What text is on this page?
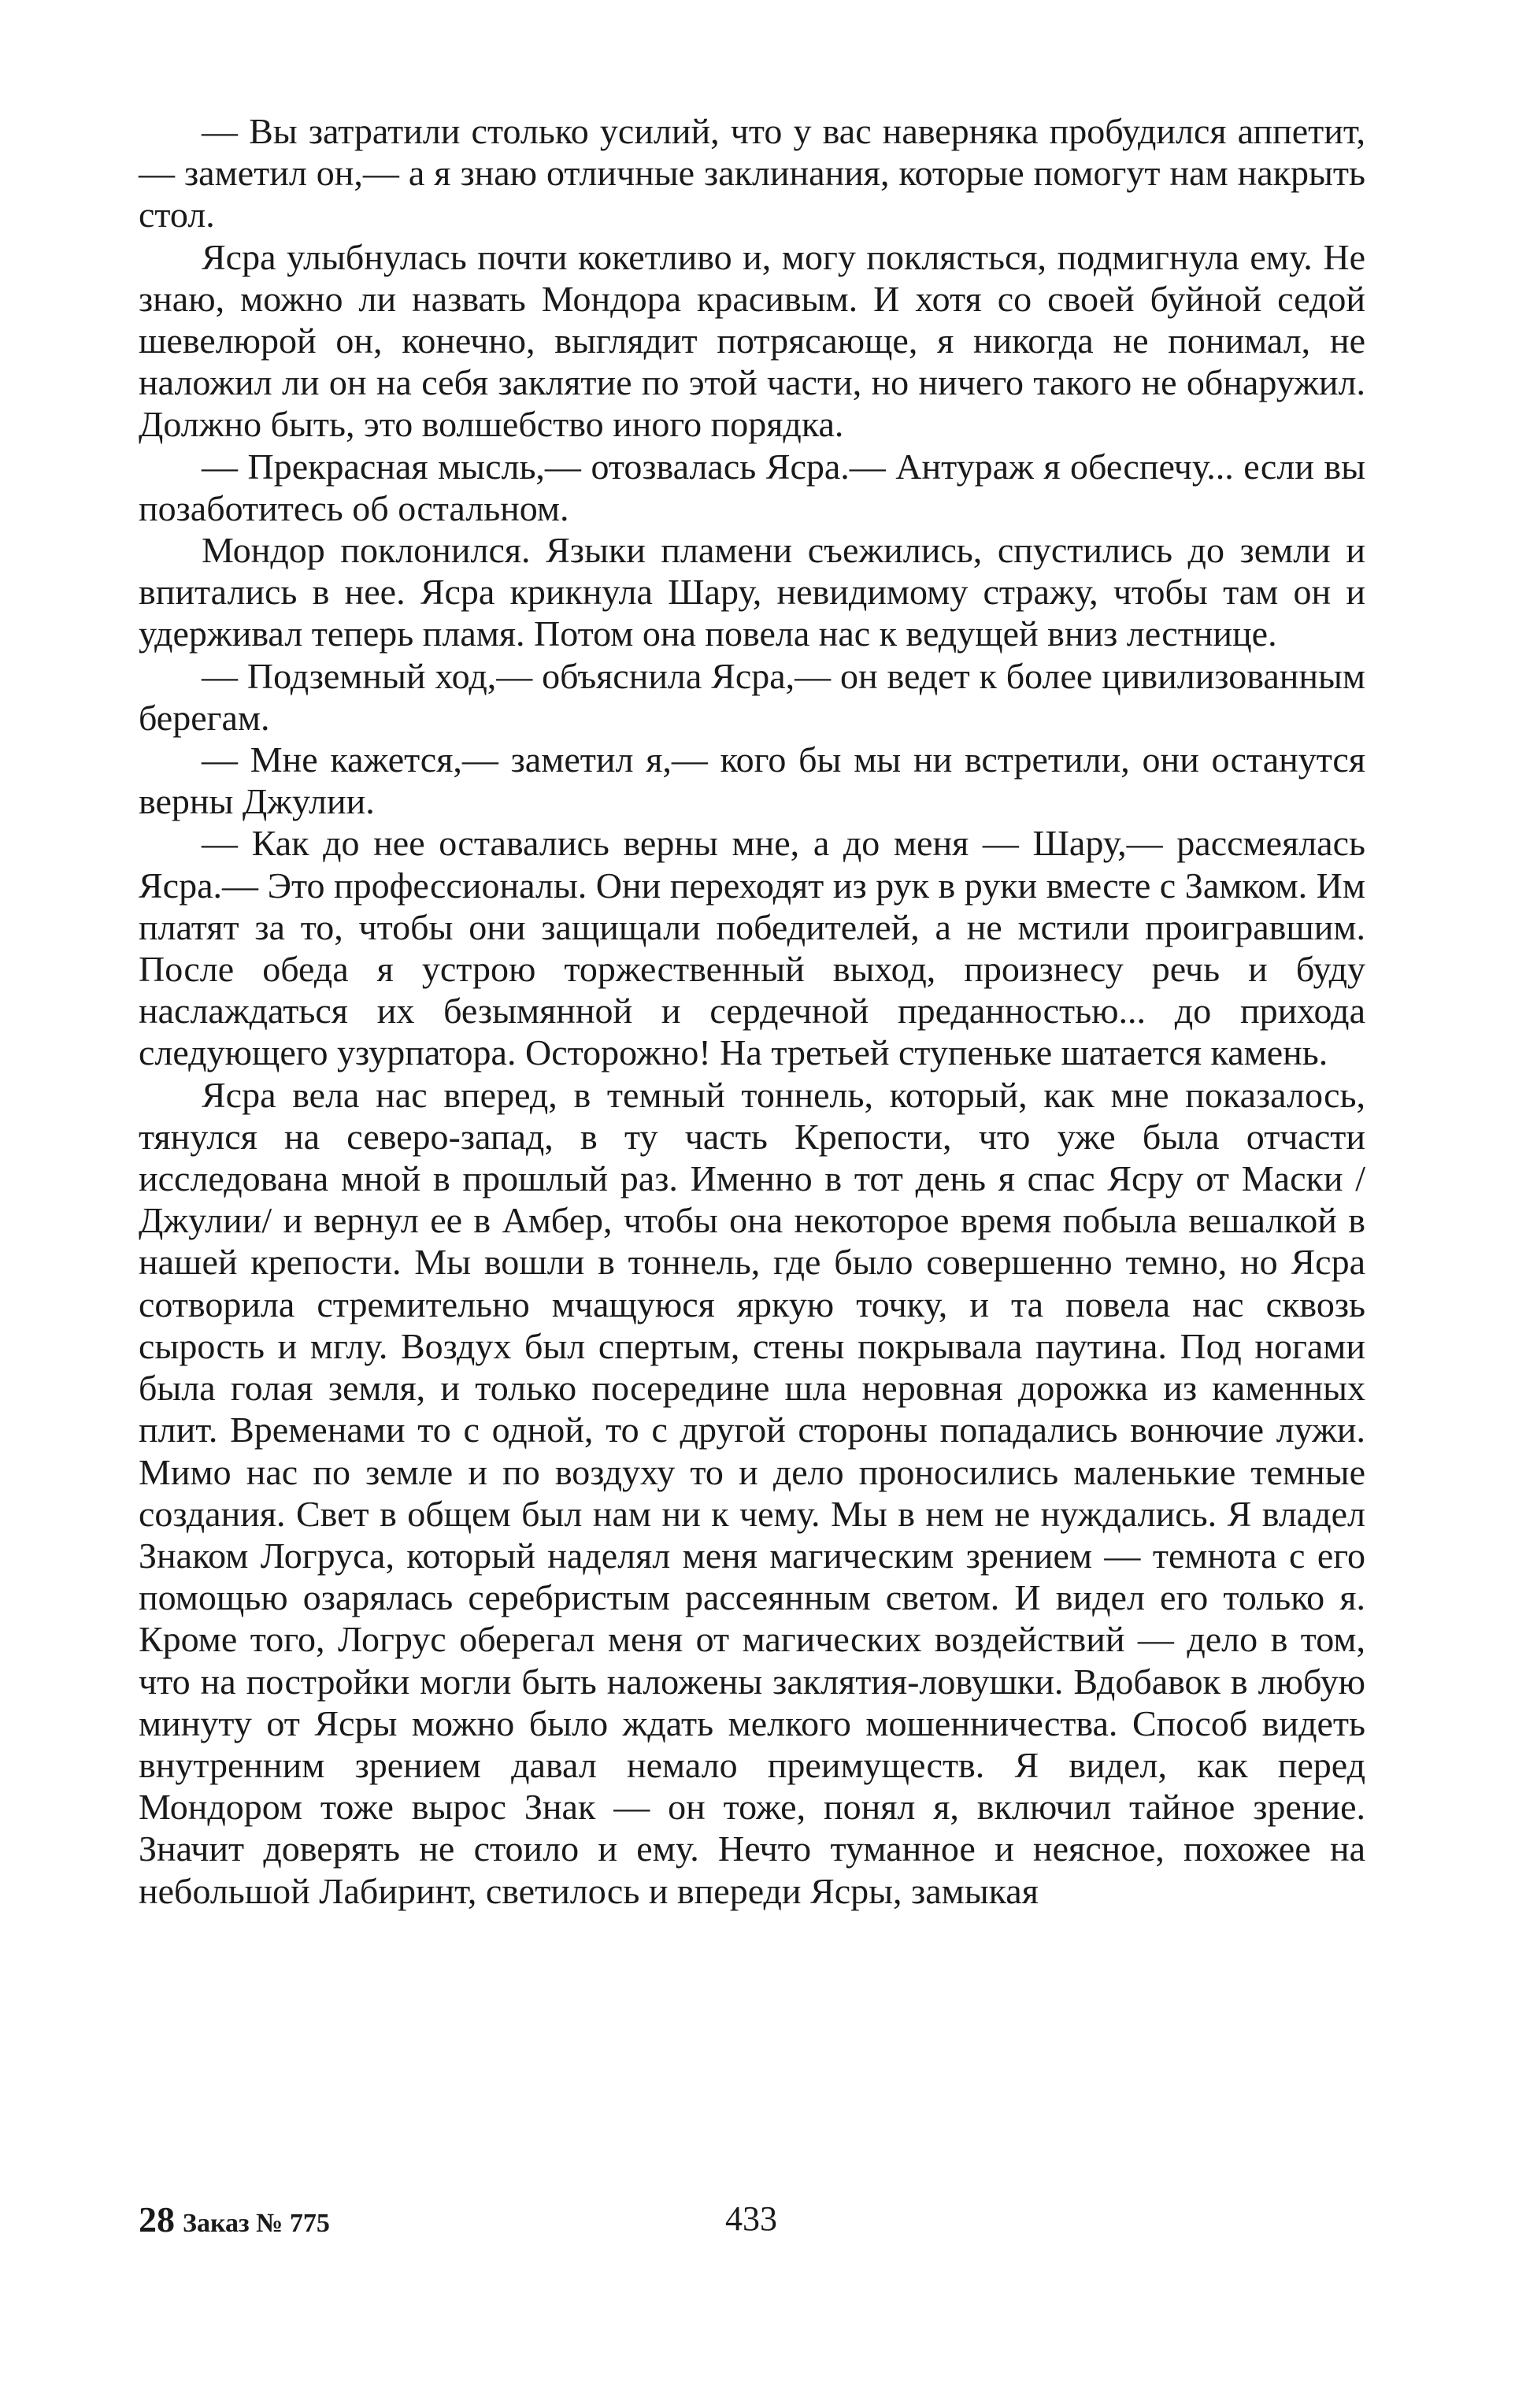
— Вы затратили столько усилий, что у вас наверняка пробудился аппетит,— заметил он,— а я знаю отличные заклинания, которые помогут нам накрыть стол.

Ясра улыбнулась почти кокетливо и, могу поклясться, подмигнула ему. Не знаю, можно ли назвать Мондора красивым. И хотя со своей буйной седой шевелюрой он, конечно, выглядит потрясающе, я никогда не понимал, не наложил ли он на себя заклятие по этой части, но ничего такого не обнаружил. Должно быть, это волшебство иного порядка.

— Прекрасная мысль,— отозвалась Ясра.— Антураж я обеспечу... если вы позаботитесь об остальном.

Мондор поклонился. Языки пламени съежились, спустились до земли и впитались в нее. Ясра крикнула Шару, невидимому стражу, чтобы там он и удерживал теперь пламя. Потом она повела нас к ведущей вниз лестнице.

— Подземный ход,— объяснила Ясра,— он ведет к более цивилизованным берегам.

— Мне кажется,— заметил я,— кого бы мы ни встретили, они останутся верны Джулии.

— Как до нее оставались верны мне, а до меня — Шару,— рассмеялась Ясра.— Это профессионалы. Они переходят из рук в руки вместе с Замком. Им платят за то, чтобы они защищали победителей, а не мстили проигравшим. После обеда я устрою торжественный выход, произнесу речь и буду наслаждаться их безымянной и сердечной преданностью... до прихода следующего узурпатора. Осторожно! На третьей ступеньке шатается камень.

Ясра вела нас вперед, в темный тоннель, который, как мне показалось, тянулся на северо-запад, в ту часть Крепости, что уже была отчасти исследована мной в прошлый раз. Именно в тот день я спас Ясру от Маски /Джулии/ и вернул ее в Амбер, чтобы она некоторое время побыла вешалкой в нашей крепости. Мы вошли в тоннель, где было совершенно темно, но Ясра сотворила стремительно мчащуюся яркую точку, и та повела нас сквозь сырость и мглу. Воздух был спертым, стены покрывала паутина. Под ногами была голая земля, и только посередине шла неровная дорожка из каменных плит. Временами то с одной, то с другой стороны попадались вонючие лужи. Мимо нас по земле и по воздуху то и дело проносились маленькие темные создания. Свет в общем был нам ни к чему. Мы в нем не нуждались. Я владел Знаком Логруса, который наделял меня магическим зрением — темнота с его помощью озарялась серебристым рассеянным светом. И видел его только я. Кроме того, Логрус оберегал меня от магических воздействий — дело в том, что на постройки могли быть наложены заклятия-ловушки. Вдобавок в любую минуту от Ясры можно было ждать мелкого мошенничества. Способ видеть внутренним зрением давал немало преимуществ. Я видел, как перед Мондором тоже вырос Знак — он тоже, понял я, включил тайное зрение. Значит доверять не стоило и ему. Нечто туманное и неясное, похожее на небольшой Лабиринт, светилось и впереди Ясры, замыкая

28 Заказ № 775	433
